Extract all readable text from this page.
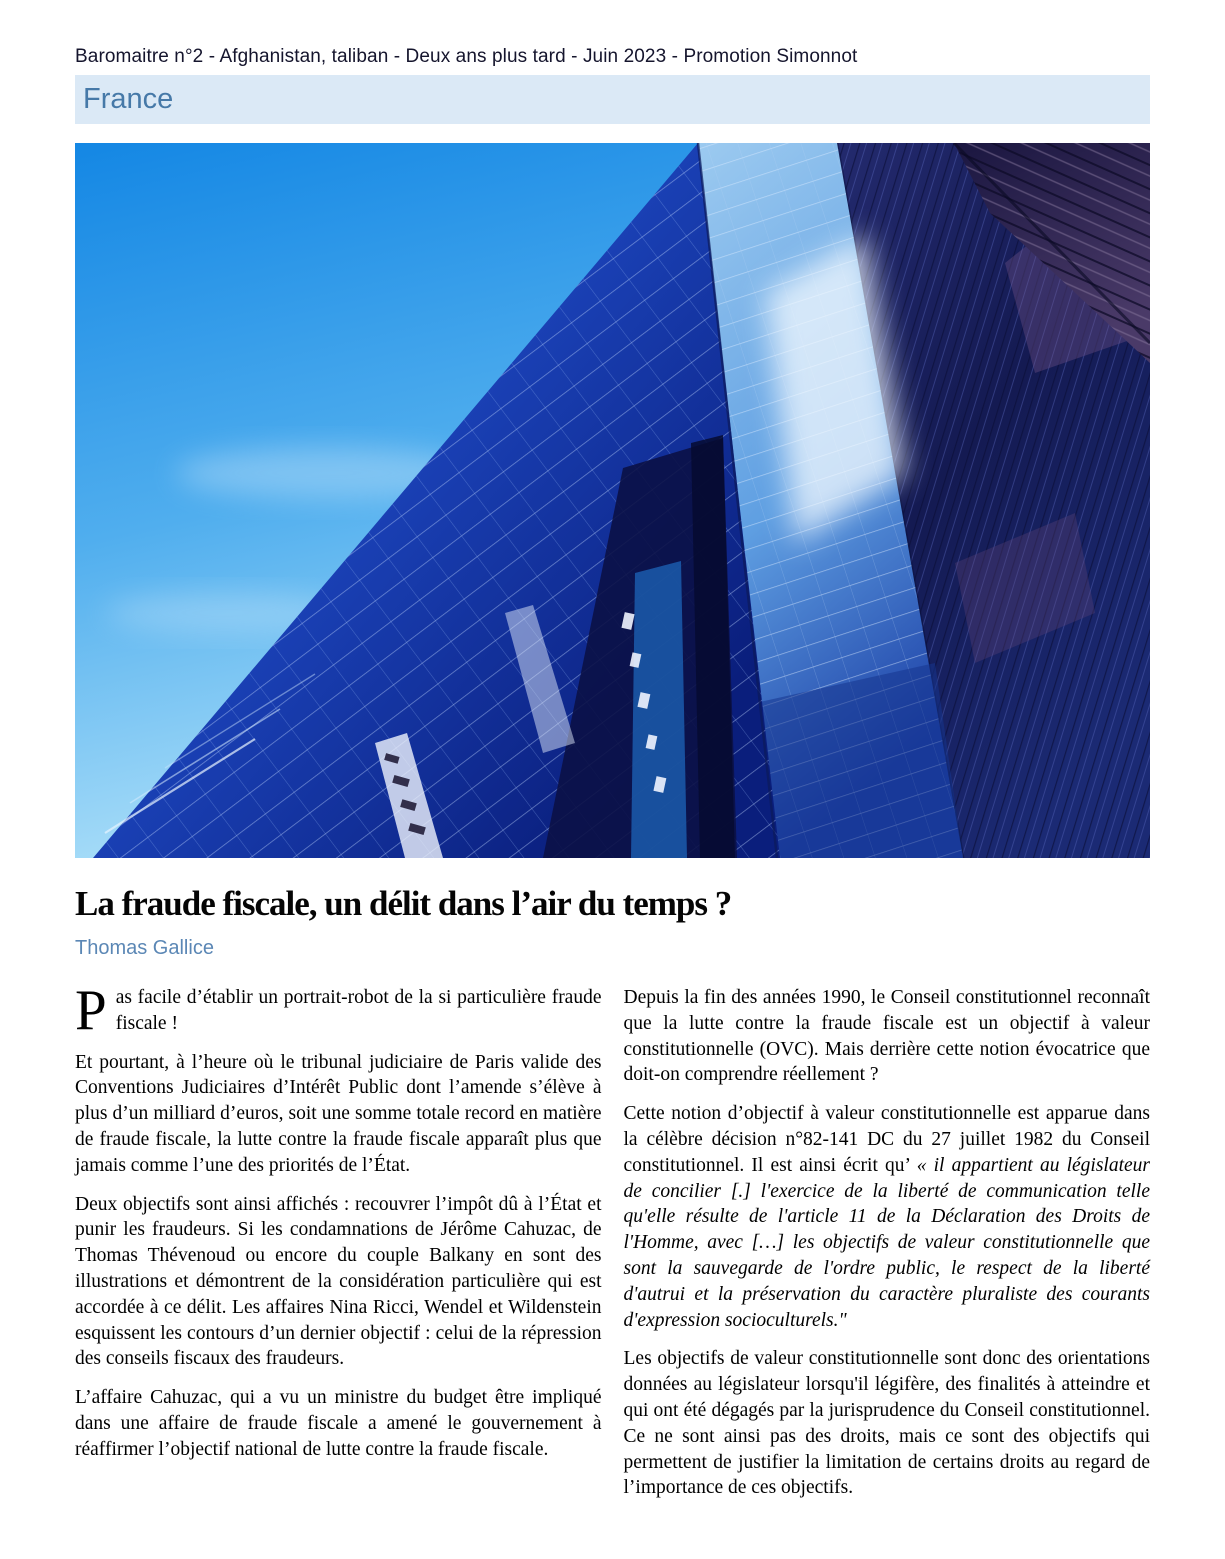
Baromaitre n°2 - Afghanistan, taliban - Deux ans plus tard - Juin 2023 - Promotion Simonnot
France
La fraude fiscale, un délit dans l’air du temps ?
Thomas Gallice

Pas facile d’établir un portrait-robot de la si particulière fraude fiscale !

Et pourtant, à l’heure où le tribunal judiciaire de Paris valide des Conventions Judiciaires d’Intérêt Public dont l’amende s’élève à plus d’un milliard d’euros, soit une somme totale record en matière de fraude fiscale, la lutte contre la fraude fiscale apparaît plus que jamais comme l’une des priorités de l’État.

Deux objectifs sont ainsi affichés : recouvrer l’impôt dû à l’État et punir les fraudeurs. Si les condamnations de Jérôme Cahuzac, de Thomas Thévenoud ou encore du couple Balkany en sont des illustrations et démontrent de la considération particulière qui est accordée à ce délit. Les affaires Nina Ricci, Wendel et Wildenstein esquissent les contours d’un dernier objectif : celui de la répression des conseils fiscaux des fraudeurs.

L’affaire Cahuzac, qui a vu un ministre du budget être impliqué dans une affaire de fraude fiscale a amené le gouvernement à réaffirmer l’objectif national de lutte contre la fraude fiscale.

Depuis la fin des années 1990, le Conseil constitutionnel reconnaît que la lutte contre la fraude fiscale est un objectif à valeur constitutionnelle (OVC). Mais derrière cette notion évocatrice que doit-on comprendre réellement ?

Cette notion d’objectif à valeur constitutionnelle est apparue dans la célèbre décision n°82-141 DC du 27 juillet 1982 du Conseil constitutionnel. Il est ainsi écrit qu’ « il appartient au législateur de concilier [.] l'exercice de la liberté de communication telle qu'elle résulte de l'article 11 de la Déclaration des Droits de l'Homme, avec […] les objectifs de valeur constitutionnelle que sont la sauvegarde de l'ordre public, le respect de la liberté d'autrui et la préservation du caractère pluraliste des courants d'expression socioculturels."

Les objectifs de valeur constitutionnelle sont donc des orientations données au législateur lorsqu'il légifère, des finalités à atteindre et qui ont été dégagés par la jurisprudence du Conseil constitutionnel. Ce ne sont ainsi pas des droits, mais ce sont des objectifs qui permettent de justifier la limitation de certains droits au regard de l’importance de ces objectifs.
